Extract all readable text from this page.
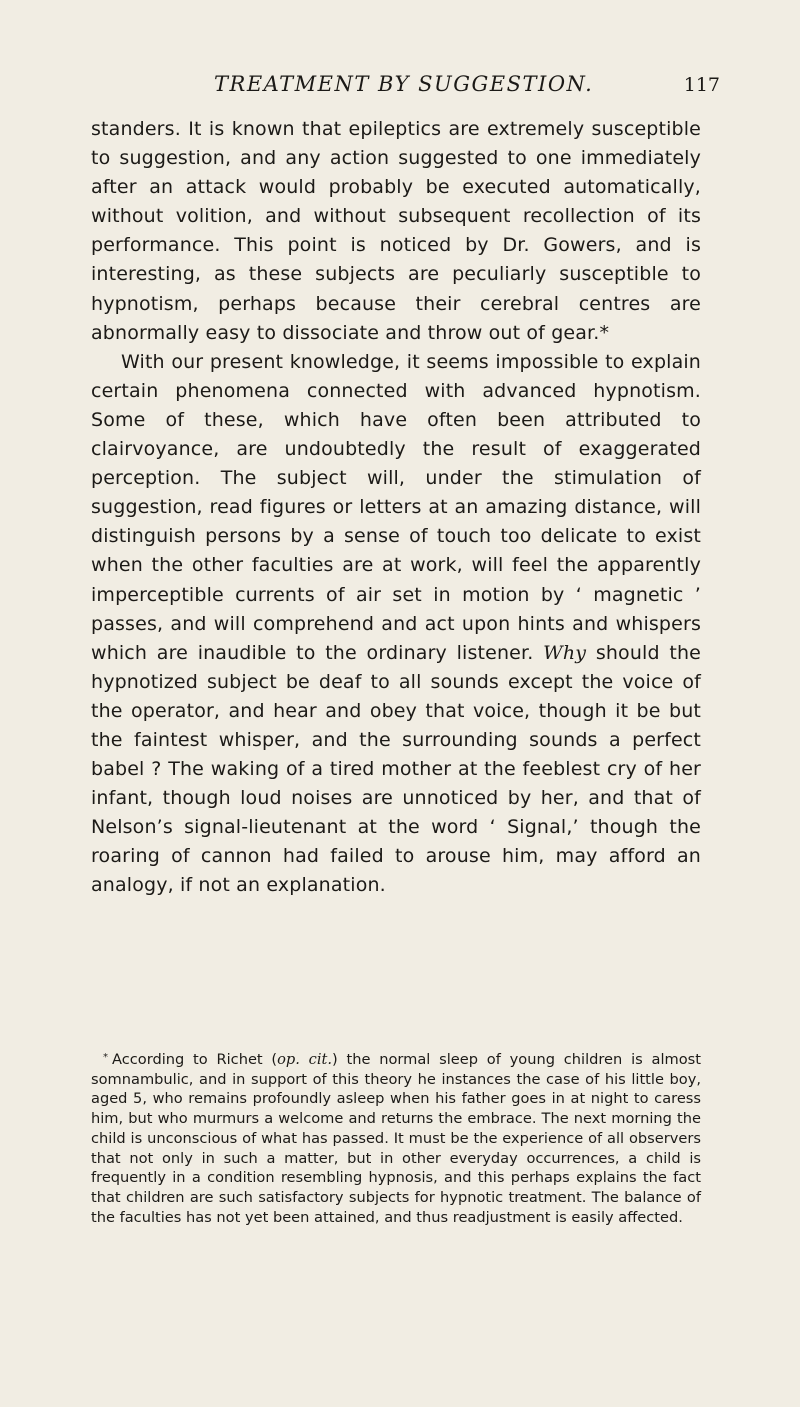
TREATMENT BY SUGGESTION.	117

standers. It is known that epileptics are extremely susceptible to suggestion, and any action suggested to one immediately after an attack would probably be executed automatically, without volition, and without subsequent recollection of its performance. This point is noticed by Dr. Gowers, and is interesting, as these subjects are peculiarly susceptible to hypnotism, perhaps because their cerebral centres are abnormally easy to dissociate and throw out of gear.*

With our present knowledge, it seems impossible to explain certain phenomena connected with advanced hypnotism. Some of these, which have often been attributed to clairvoyance, are undoubtedly the result of exaggerated perception. The subject will, under the stimulation of suggestion, read figures or letters at an amazing distance, will distinguish persons by a sense of touch too delicate to exist when the other faculties are at work, will feel the apparently imperceptible currents of air set in motion by ‘ magnetic ’ passes, and will comprehend and act upon hints and whispers which are inaudible to the ordinary listener. Why should the hypnotized subject be deaf to all sounds except the voice of the operator, and hear and obey that voice, though it be but the faintest whisper, and the surrounding sounds a perfect babel ? The waking of a tired mother at the feeblest cry of her infant, though loud noises are unnoticed by her, and that of Nelson’s signal-lieutenant at the word ‘ Signal,’ though the roaring of cannon had failed to arouse him, may afford an analogy, if not an explanation.

* According to Richet (op. cit.) the normal sleep of young children is almost somnambulic, and in support of this theory he instances the case of his little boy, aged 5, who remains profoundly asleep when his father goes in at night to caress him, but who murmurs a welcome and returns the embrace. The next morning the child is unconscious of what has passed. It must be the experience of all observers that not only in such a matter, but in other everyday occurrences, a child is frequently in a condition resembling hypnosis, and this perhaps explains the fact that children are such satisfactory subjects for hypnotic treatment. The balance of the faculties has not yet been attained, and thus readjustment is easily affected.
